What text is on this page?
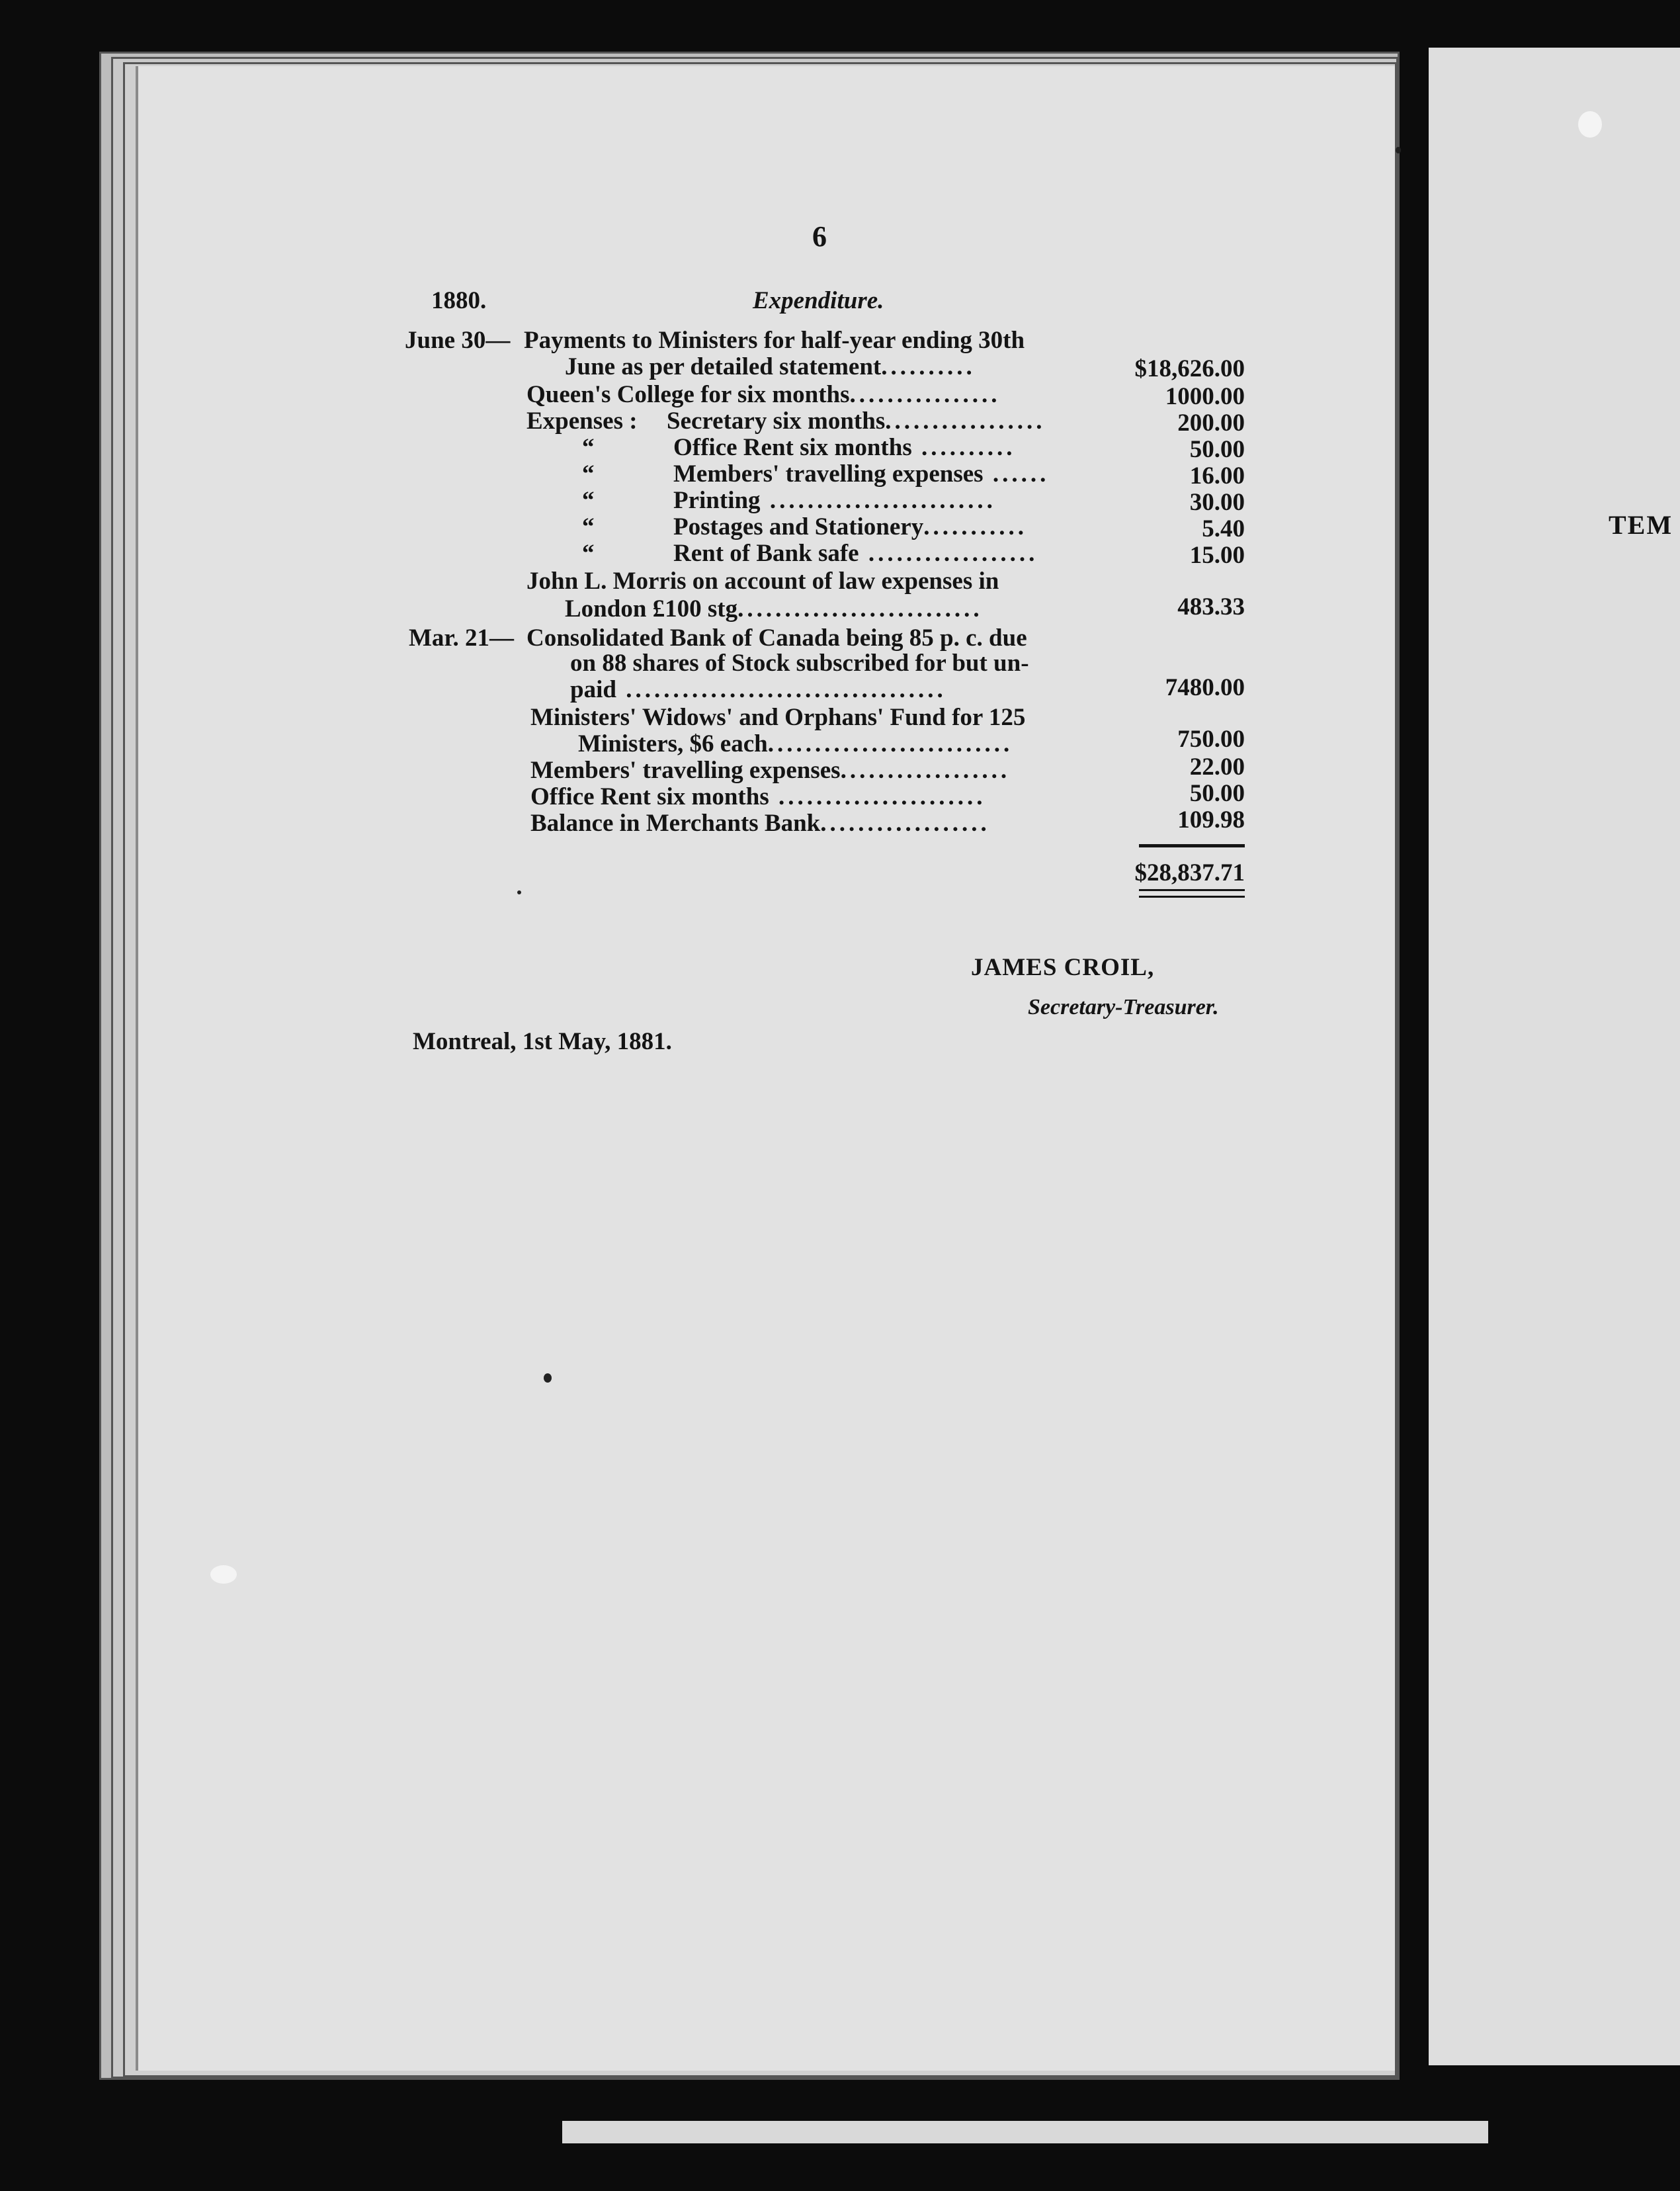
TEM
6
1880.	Expenditure.
June 30— Payments to Ministers for half-year ending 30th
June as per detailed statement..........	$18,626.00
Queen's College for six months................	1000.00
Expenses : Secretary six months.................	200.00
“	Office Rent six months ..........	50.00
“	Members' travelling expenses ......	16.00
“	Printing ........................	30.00
“	Postages and Stationery...........	5.40
“	Rent of Bank safe ..................	15.00
John L. Morris on account of law expenses in
London £100 stg..........................	483.33
Mar. 21— Consolidated Bank of Canada being 85 p. c. due
on 88 shares of Stock subscribed for but un-
paid ..................................	7480.00
Ministers' Widows' and Orphans' Fund for 125
Ministers, $6 each..........................	750.00
Members' travelling expenses..................	22.00
Office Rent six months ......................	50.00
Balance in Merchants Bank..................	109.98
$28,837.71
JAMES CROIL,
Secretary-Treasurer.
Montreal, 1st May, 1881.
